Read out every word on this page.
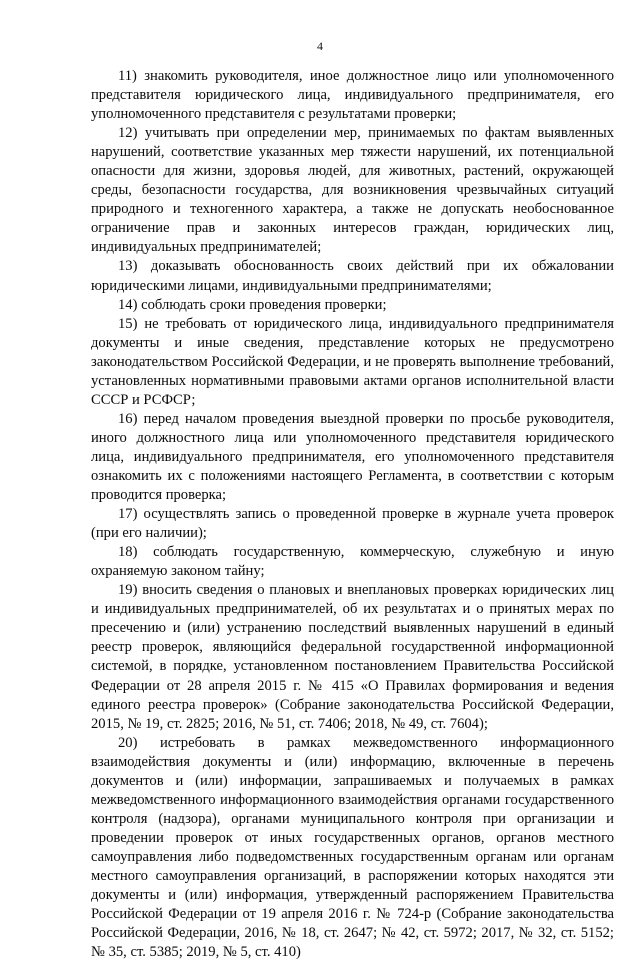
4

11) знакомить руководителя, иное должностное лицо или уполномоченного представителя юридического лица, индивидуального предпринимателя, его уполномоченного представителя с результатами проверки;

12) учитывать при определении мер, принимаемых по фактам выявленных нарушений, соответствие указанных мер тяжести нарушений, их потенциальной опасности для жизни, здоровья людей, для животных, растений, окружающей среды, безопасности государства, для возникновения чрезвычайных ситуаций природного и техногенного характера, а также не допускать необоснованное ограничение прав и законных интересов граждан, юридических лиц, индивидуальных предпринимателей;

13) доказывать обоснованность своих действий при их обжаловании юридическими лицами, индивидуальными предпринимателями;

14) соблюдать сроки проведения проверки;

15) не требовать от юридического лица, индивидуального предпринимателя документы и иные сведения, представление которых не предусмотрено законодательством Российской Федерации, и не проверять выполнение требований, установленных нормативными правовыми актами органов исполнительной власти СССР и РСФСР;

16) перед началом проведения выездной проверки по просьбе руководителя, иного должностного лица или уполномоченного представителя юридического лица, индивидуального предпринимателя, его уполномоченного представителя ознакомить их с положениями настоящего Регламента, в соответствии с которым проводится проверка;

17) осуществлять запись о проведенной проверке в журнале учета проверок (при его наличии);

18) соблюдать государственную, коммерческую, служебную и иную охраняемую законом тайну;

19) вносить сведения о плановых и внеплановых проверках юридических лиц и индивидуальных предпринимателей, об их результатах и о принятых мерах по пресечению и (или) устранению последствий выявленных нарушений в единый реестр проверок, являющийся федеральной государственной информационной системой, в порядке, установленном постановлением Правительства Российской Федерации от 28 апреля 2015 г. № 415 «О Правилах формирования и ведения единого реестра проверок» (Собрание законодательства Российской Федерации, 2015, № 19, ст. 2825; 2016, № 51, ст. 7406; 2018, № 49, ст. 7604);

20) истребовать в рамках межведомственного информационного взаимодействия документы и (или) информацию, включенные в перечень документов и (или) информации, запрашиваемых и получаемых в рамках межведомственного информационного взаимодействия органами государственного контроля (надзора), органами муниципального контроля при организации и проведении проверок от иных государственных органов, органов местного самоуправления либо подведомственных государственным органам или органам местного самоуправления организаций, в распоряжении которых находятся эти документы и (или) информация, утвержденный распоряжением Правительства Российской Федерации от 19 апреля 2016 г. № 724-р (Собрание законодательства Российской Федерации, 2016, № 18, ст. 2647; № 42, ст. 5972; 2017, № 32, ст. 5152; № 35, ст. 5385; 2019, № 5, ст. 410)
